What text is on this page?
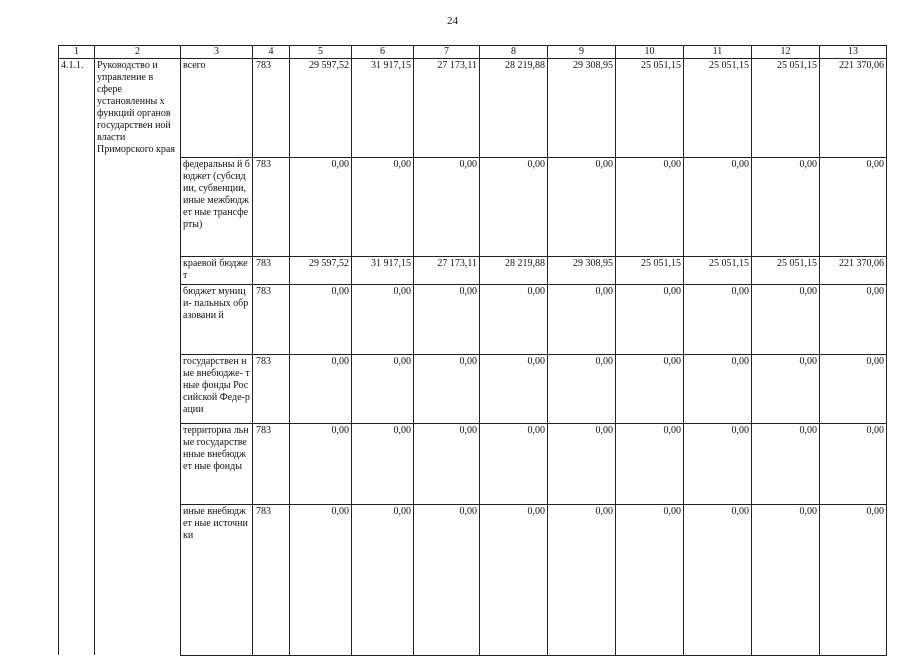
24
1	2	3	4	5	6	7	8	9	10	11	12	13
4.1.1.	Руководство и управление в сфере установленны х функций органов государствен ной власти Приморского края	всего	783	29 597,52	31 917,15	27 173,11	28 219,88	29 308,95	25 051,15	25 051,15	25 051,15	221 370,06
		федеральны й бюджет (субсидии, субвенции, иные межбюджет ные трансферты)	783	0,00	0,00	0,00	0,00	0,00	0,00	0,00	0,00	0,00
		краевой бюджет	783	29 597,52	31 917,15	27 173,11	28 219,88	29 308,95	25 051,15	25 051,15	25 051,15	221 370,06
		бюджет муници- пальных образовани й	783	0,00	0,00	0,00	0,00	0,00	0,00	0,00	0,00	0,00
		государствен ные внебюдже- тные фонды Российской Феде-рации	783	0,00	0,00	0,00	0,00	0,00	0,00	0,00	0,00	0,00
		территориа льные государстве нные внебюджет ные фонды	783	0,00	0,00	0,00	0,00	0,00	0,00	0,00	0,00	0,00
		иные внебюджет ные источники	783	0,00	0,00	0,00	0,00	0,00	0,00	0,00	0,00	0,00
